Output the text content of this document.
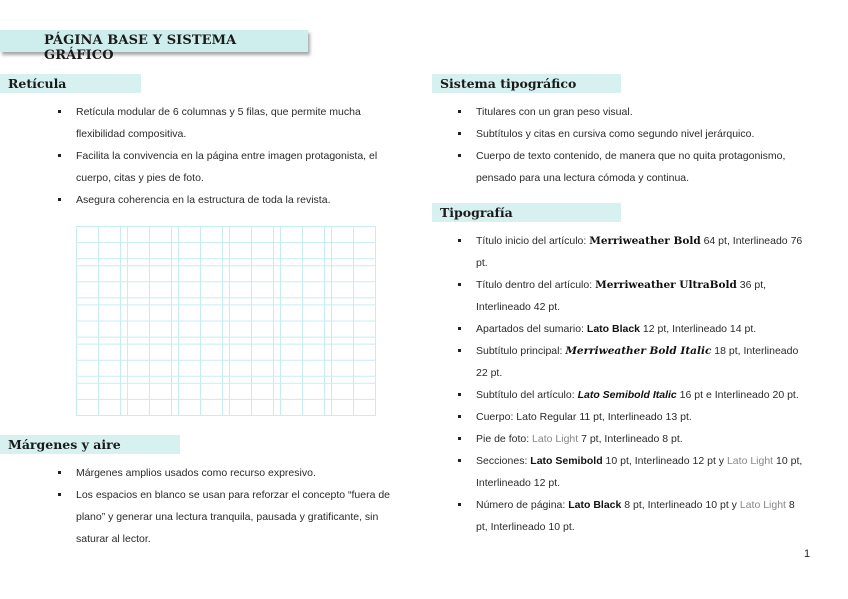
PÁGINA BASE Y SISTEMA GRÁFICO
Retícula
Retícula modular de 6 columnas y 5 filas, que permite mucha flexibilidad compositiva.
Facilita la convivencia en la página entre imagen protagonista, el cuerpo, citas y pies de foto.
Asegura coherencia en la estructura de toda la revista.
Márgenes y aire
Márgenes amplios usados como recurso expresivo.
Los espacios en blanco se usan para reforzar el concepto “fuera de plano” y generar una lectura tranquila, pausada y gratificante, sin saturar al lector.
Sistema tipográfico
Titulares con un gran peso visual.
Subtítulos y citas en cursiva como segundo nivel jerárquico.
Cuerpo de texto contenido, de manera que no quita protagonismo, pensado para una lectura cómoda y continua.
Tipografía
Título inicio del artículo: Merriweather Bold 64 pt, Interlineado 76 pt.
Título dentro del artículo: Merriweather UltraBold 36 pt, Interlineado 42 pt.
Apartados del sumario: Lato Black 12 pt, Interlineado 14 pt.
Subtítulo principal: Merriweather Bold Italic 18 pt, Interlineado 22 pt.
Subtítulo del artículo: Lato Semibold Italic 16 pt e Interlineado 20 pt.
Cuerpo: Lato Regular 11 pt, Interlineado 13 pt.
Pie de foto: Lato Light 7 pt, Interlineado 8 pt.
Secciones: Lato Semibold 10 pt, Interlineado 12 pt y Lato Light 10 pt, Interlineado 12 pt.
Número de página: Lato Black 8 pt, Interlineado 10 pt y Lato Light 8 pt, Interlineado 10 pt.
1
